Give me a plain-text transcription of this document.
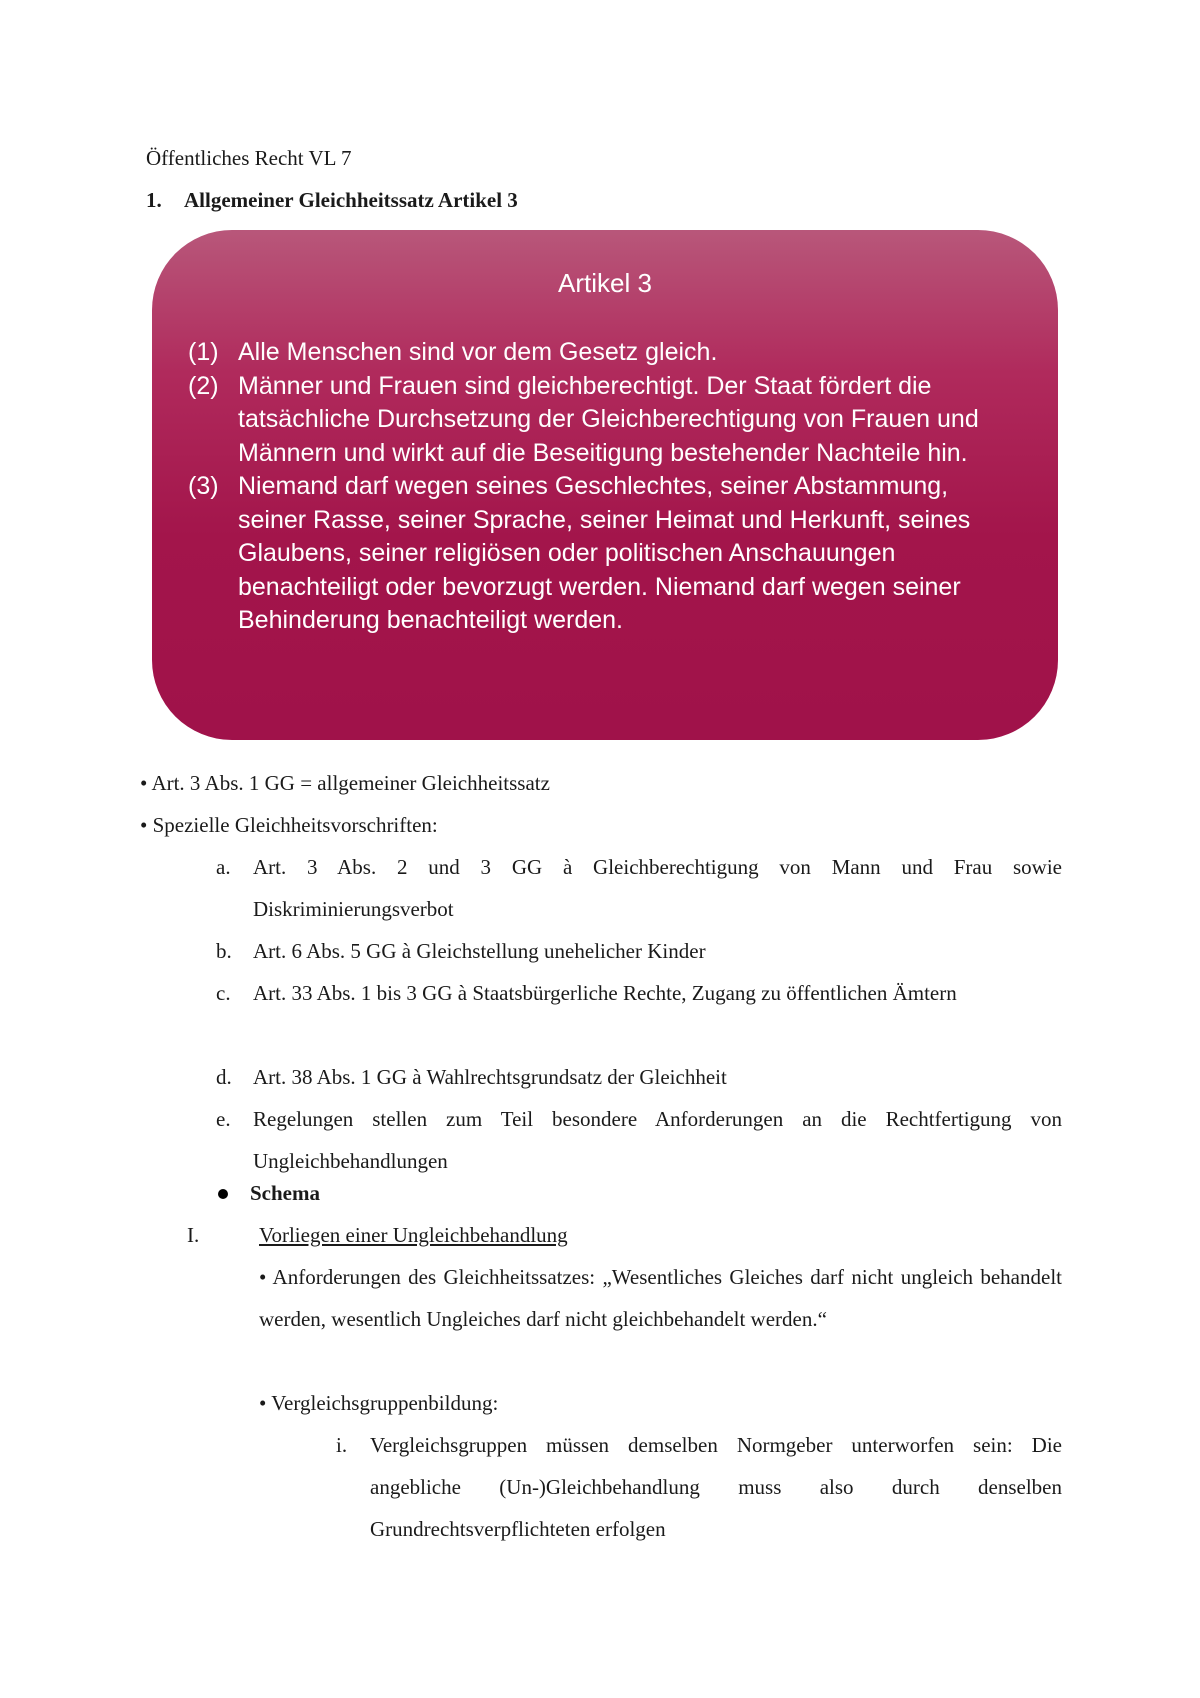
Öffentliches Recht VL 7
1. Allgemeiner Gleichheitssatz Artikel 3
Artikel 3
(1) Alle Menschen sind vor dem Gesetz gleich.
(2) Männer und Frauen sind gleichberechtigt. Der Staat fördert die tatsächliche Durchsetzung der Gleichberechtigung von Frauen und Männern und wirkt auf die Beseitigung bestehender Nachteile hin.
(3) Niemand darf wegen seines Geschlechtes, seiner Abstammung, seiner Rasse, seiner Sprache, seiner Heimat und Herkunft, seines Glaubens, seiner religiösen oder politischen Anschauungen benachteiligt oder bevorzugt werden. Niemand darf wegen seiner Behinderung benachteiligt werden.
• Art. 3 Abs. 1 GG = allgemeiner Gleichheitssatz
• Spezielle Gleichheitsvorschriften:
a. Art. 3 Abs. 2 und 3 GG à Gleichberechtigung von Mann und Frau sowie Diskriminierungsverbot
b. Art. 6 Abs. 5 GG à Gleichstellung unehelicher Kinder
c. Art. 33 Abs. 1 bis 3 GG à Staatsbürgerliche Rechte, Zugang zu öffentlichen Ämtern
d. Art. 38 Abs. 1 GG à Wahlrechtsgrundsatz der Gleichheit
e. Regelungen stellen zum Teil besondere Anforderungen an die Rechtfertigung von Ungleichbehandlungen
Schema
I.	Vorliegen einer Ungleichbehandlung
• Anforderungen des Gleichheitssatzes: „Wesentliches Gleiches darf nicht ungleich behandelt werden, wesentlich Ungleiches darf nicht gleichbehandelt werden.“
• Vergleichsgruppenbildung:
i. Vergleichsgruppen müssen demselben Normgeber unterworfen sein: Die angebliche (Un-)Gleichbehandlung muss also durch denselben Grundrechtsverpflichteten erfolgen
